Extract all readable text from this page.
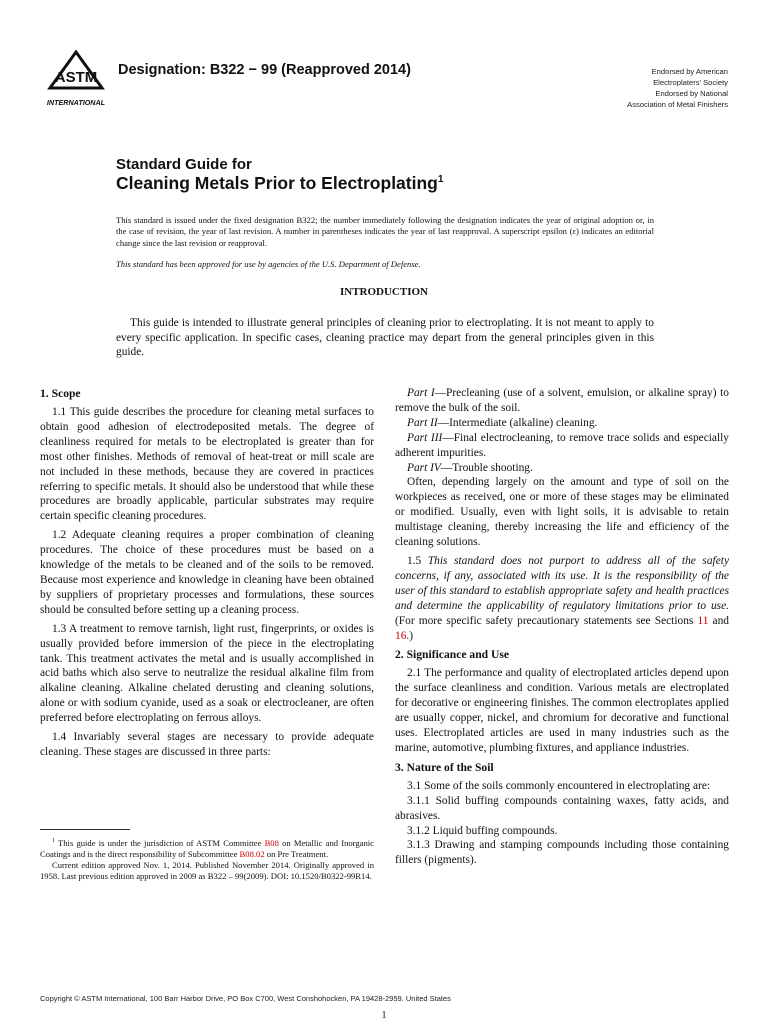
ASTM
INTERNATIONAL
Designation: B322 − 99 (Reapproved 2014)	Endorsed by American
Electroplaters' Society
Endorsed by National
Association of Metal Finishers
Standard Guide for
Cleaning Metals Prior to Electroplating$^1$
This standard is issued under the fixed designation B322; the number immediately following the designation indicates the year of original adoption or, in the case of revision, the year of last revision. A number in parentheses indicates the year of last reapproval. A superscript epsilon (ε) indicates an editorial change since the last revision or reapproval.
This standard has been approved for use by agencies of the U.S. Department of Defense.
INTRODUCTION
This guide is intended to illustrate general principles of cleaning prior to electroplating. It is not meant to apply to every specific application. In specific cases, cleaning practice may depart from the general principles given in this guide.
1. Scope

1.1 This guide describes the procedure for cleaning metal surfaces to obtain good adhesion of electrodeposited metals. The degree of cleanliness required for metals to be electroplated is greater than for most other finishes. Methods of removal of heat-treat or mill scale are not included in these methods, because they are covered in practices referring to specific metals. It should also be understood that while these procedures are broadly applicable, particular substrates may require certain specific cleaning procedures.

1.2 Adequate cleaning requires a proper combination of cleaning procedures. The choice of these procedures must be based on a knowledge of the metals to be cleaned and of the soils to be removed. Because most experience and knowledge in cleaning have been obtained by suppliers of proprietary processes and formulations, these sources should be consulted before setting up a cleaning process.

1.3 A treatment to remove tarnish, light rust, fingerprints, or oxides is usually provided before immersion of the piece in the electroplating tank. This treatment activates the metal and is usually accomplished in acid baths which also serve to neutralize the residual alkaline film from alkaline cleaning. Alkaline chelated derusting and cleaning solutions, alone or with sodium cyanide, used as a soak or electrocleaner, are often preferred before electroplating on ferrous alloys.

1.4 Invariably several stages are necessary to provide adequate cleaning. These stages are discussed in three parts:

Part I—Precleaning (use of a solvent, emulsion, or alkaline spray) to remove the bulk of the soil.

Part II—Intermediate (alkaline) cleaning.

Part III—Final electrocleaning, to remove trace solids and especially adherent impurities.

Part IV—Trouble shooting.

Often, depending largely on the amount and type of soil on the workpieces as received, one or more of these stages may be eliminated or modified. Usually, even with light soils, it is advisable to retain multistage cleaning, thereby increasing the life and efficiency of the cleaning solutions.

1.5 This standard does not purport to address all of the safety concerns, if any, associated with its use. It is the responsibility of the user of this standard to establish appropriate safety and health practices and determine the applicability of regulatory limitations prior to use. (For more specific safety precautionary statements see Sections 11 and 16.)

2. Significance and Use

2.1 The performance and quality of electroplated articles depend upon the surface cleanliness and condition. Various metals are electroplated for decorative or engineering finishes. The common electroplates applied are usually copper, nickel, and chromium for decorative and functional uses. Electroplated articles are used in many industries such as the marine, automotive, plumbing fixtures, and appliance industries.

3. Nature of the Soil

3.1 Some of the soils commonly encountered in electroplating are:

3.1.1 Solid buffing compounds containing waxes, fatty acids, and abrasives.

3.1.2 Liquid buffing compounds.

3.1.3 Drawing and stamping compounds including those containing fillers (pigments).

$^1$ This guide is under the jurisdiction of ASTM Committee B08 on Metallic and Inorganic Coatings and is the direct responsibility of Subcommittee B08.02 on Pre Treatment.

Current edition approved Nov. 1, 2014. Published November 2014. Originally approved in 1958. Last previous edition approved in 2009 as B322 – 99(2009). DOI: 10.1520/B0322-99R14.

Copyright © ASTM International, 100 Barr Harbor Drive, PO Box C700, West Conshohocken, PA 19428-2959. United States
1
